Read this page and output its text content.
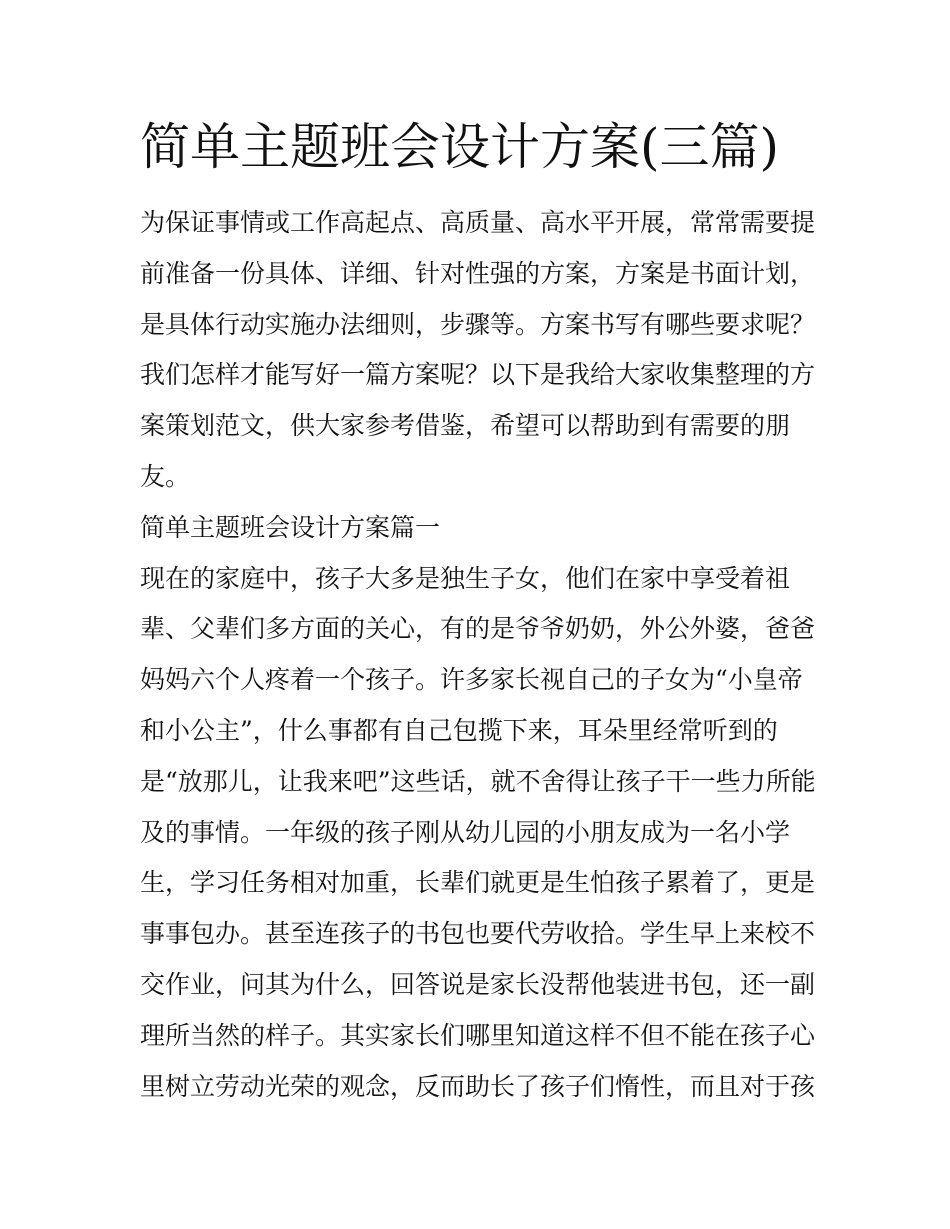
简单主题班会设计方案(三篇)
为保证事情或工作高起点、高质量、高水平开展，常常需要提
前准备一份具体、详细、针对性强的方案，方案是书面计划，
是具体行动实施办法细则，步骤等。方案书写有哪些要求呢？
我们怎样才能写好一篇方案呢？以下是我给大家收集整理的方
案策划范文，供大家参考借鉴，希望可以帮助到有需要的朋
友。
简单主题班会设计方案篇一
现在的家庭中，孩子大多是独生子女，他们在家中享受着祖
辈、父辈们多方面的关心，有的是爷爷奶奶，外公外婆，爸爸
妈妈六个人疼着一个孩子。许多家长视自己的子女为“小皇帝
和小公主”，什么事都有自己包揽下来，耳朵里经常听到的
是“放那儿，让我来吧”这些话，就不舍得让孩子干一些力所能
及的事情。一年级的孩子刚从幼儿园的小朋友成为一名小学
生，学习任务相对加重，长辈们就更是生怕孩子累着了，更是
事事包办。甚至连孩子的书包也要代劳收拾。学生早上来校不
交作业，问其为什么，回答说是家长没帮他装进书包，还一副
理所当然的样子。其实家长们哪里知道这样不但不能在孩子心
里树立劳动光荣的观念，反而助长了孩子们惰性，而且对于孩
